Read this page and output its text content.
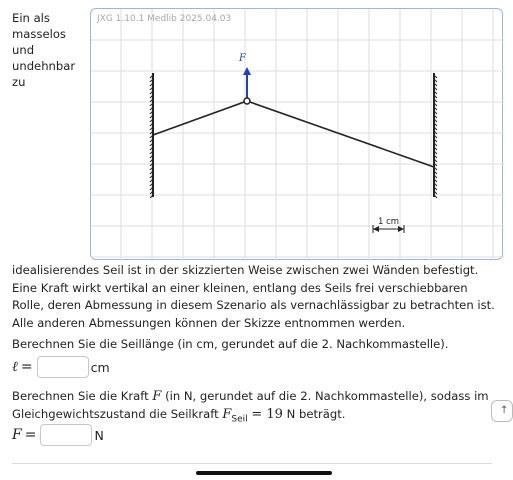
Ein als
masselos
und
undehnbar zu
F
1 cm
JXG 1.10.1 Medlib 2025.04.03
idealisierendes Seil ist in der skizzierten Weise zwischen zwei Wänden befestigt. Eine Kraft wirkt vertikal an einer kleinen, entlang des Seils frei verschiebbaren Rolle, deren Abmessung in diesem Szenario als vernachlässigbar zu betrachten ist. Alle anderen Abmessungen können der Skizze entnommen werden.
Berechnen Sie die Seillänge (in cm, gerundet auf die 2. Nachkommastelle).
ℓ =	cm
Berechnen Sie die Kraft F (in N, gerundet auf die 2. Nachkommastelle), sodass im Gleichgewichtszustand die Seilkraft $F_{Seil} = 19$ N beträgt.
F =	N
↑
